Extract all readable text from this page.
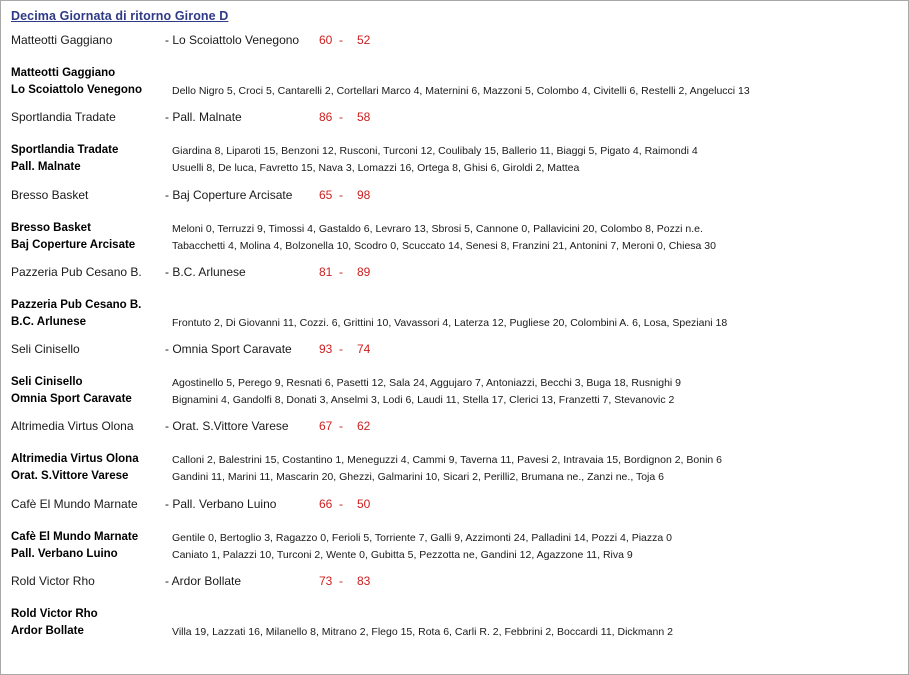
Decima Giornata di ritorno Girone D
Matteotti Gaggiano	- Lo Scoiattolo Venegono 60 - 52
Matteotti Gaggiano
Lo Scoiattolo Venegono	Dello Nigro 5, Croci 5, Cantarelli 2, Cortellari Marco 4, Maternini 6, Mazzoni 5, Colombo 4, Civitelli 6, Restelli 2, Angelucci 13
Sportlandia Tradate	- Pall. Malnate	86 - 58
Sportlandia Tradate	Giardina 8, Liparoti 15, Benzoni 12, Rusconi, Turconi 12, Coulibaly 15, Ballerio 11, Biaggi 5, Pigato 4, Raimondi 4
Pall. Malnate	Usuelli 8, De luca, Favretto 15, Nava 3, Lomazzi 16, Ortega 8, Ghisi 6, Giroldi 2, Mattea
Bresso Basket	- Baj Coperture Arcisate 65 - 98
Bresso Basket	Meloni 0, Terruzzi 9, Timossi 4, Gastaldo 6, Levraro 13, Sbrosi 5, Cannone 0, Pallavicini 20, Colombo 8, Pozzi n.e.
Baj Coperture Arcisate	Tabacchetti 4, Molina 4, Bolzonella 10, Scodro 0, Scuccato 14, Senesi 8, Franzini 21, Antonini 7, Meroni 0, Chiesa 30
Pazzeria Pub Cesano B. - B.C. Arlunese	81 - 89
Pazzeria Pub Cesano B.
B.C. Arlunese	Frontuto 2, Di Giovanni 11, Cozzi. 6, Grittini 10, Vavassori 4, Laterza 12, Pugliese 20, Colombini A. 6, Losa, Speziani 18
Seli Cinisello	- Omnia Sport Caravate 93 - 74
Seli Cinisello	Agostinello 5, Perego 9, Resnati 6, Pasetti 12, Sala 24, Aggujaro 7, Antoniazzi, Becchi 3, Buga 18, Rusnighi 9
Omnia Sport Caravate	Bignamini 4, Gandolfi 8, Donati 3, Anselmi 3, Lodi 6, Laudi 11, Stella 17, Clerici 13, Franzetti 7, Stevanovic 2
Altrimedia Virtus Olona	- Orat. S.Vittore Varese	67 - 62
Altrimedia Virtus Olona	Calloni 2, Balestrini 15, Costantino 1, Meneguzzi 4, Cammi 9, Taverna 11, Pavesi 2, Intravaia 15, Bordignon 2, Bonin 6
Orat. S.Vittore Varese	Gandini 11, Marini 11, Mascarin 20, Ghezzi, Galmarini 10, Sicari 2, Perilli2, Brumana ne., Zanzi ne., Toja 6
Cafè El Mundo Marnate - Pall. Verbano Luino	66 - 50
Cafè El Mundo Marnate	Gentile 0, Bertoglio 3, Ragazzo 0, Ferioli 5, Torriente 7, Galli 9, Azzimonti 24, Palladini 14, Pozzi 4, Piazza 0
Pall. Verbano Luino	Caniato 1, Palazzi 10, Turconi 2, Wente 0, Gubitta 5, Pezzotta ne, Gandini 12, Agazzone 11, Riva 9
Rold Victor Rho	- Ardor Bollate	73 - 83
Rold Victor Rho
Ardor Bollate	Villa 19, Lazzati 16, Milanello 8, Mitrano 2, Flego 15, Rota 6, Carli R. 2, Febbrini 2, Boccardi 11, Dickmann 2
